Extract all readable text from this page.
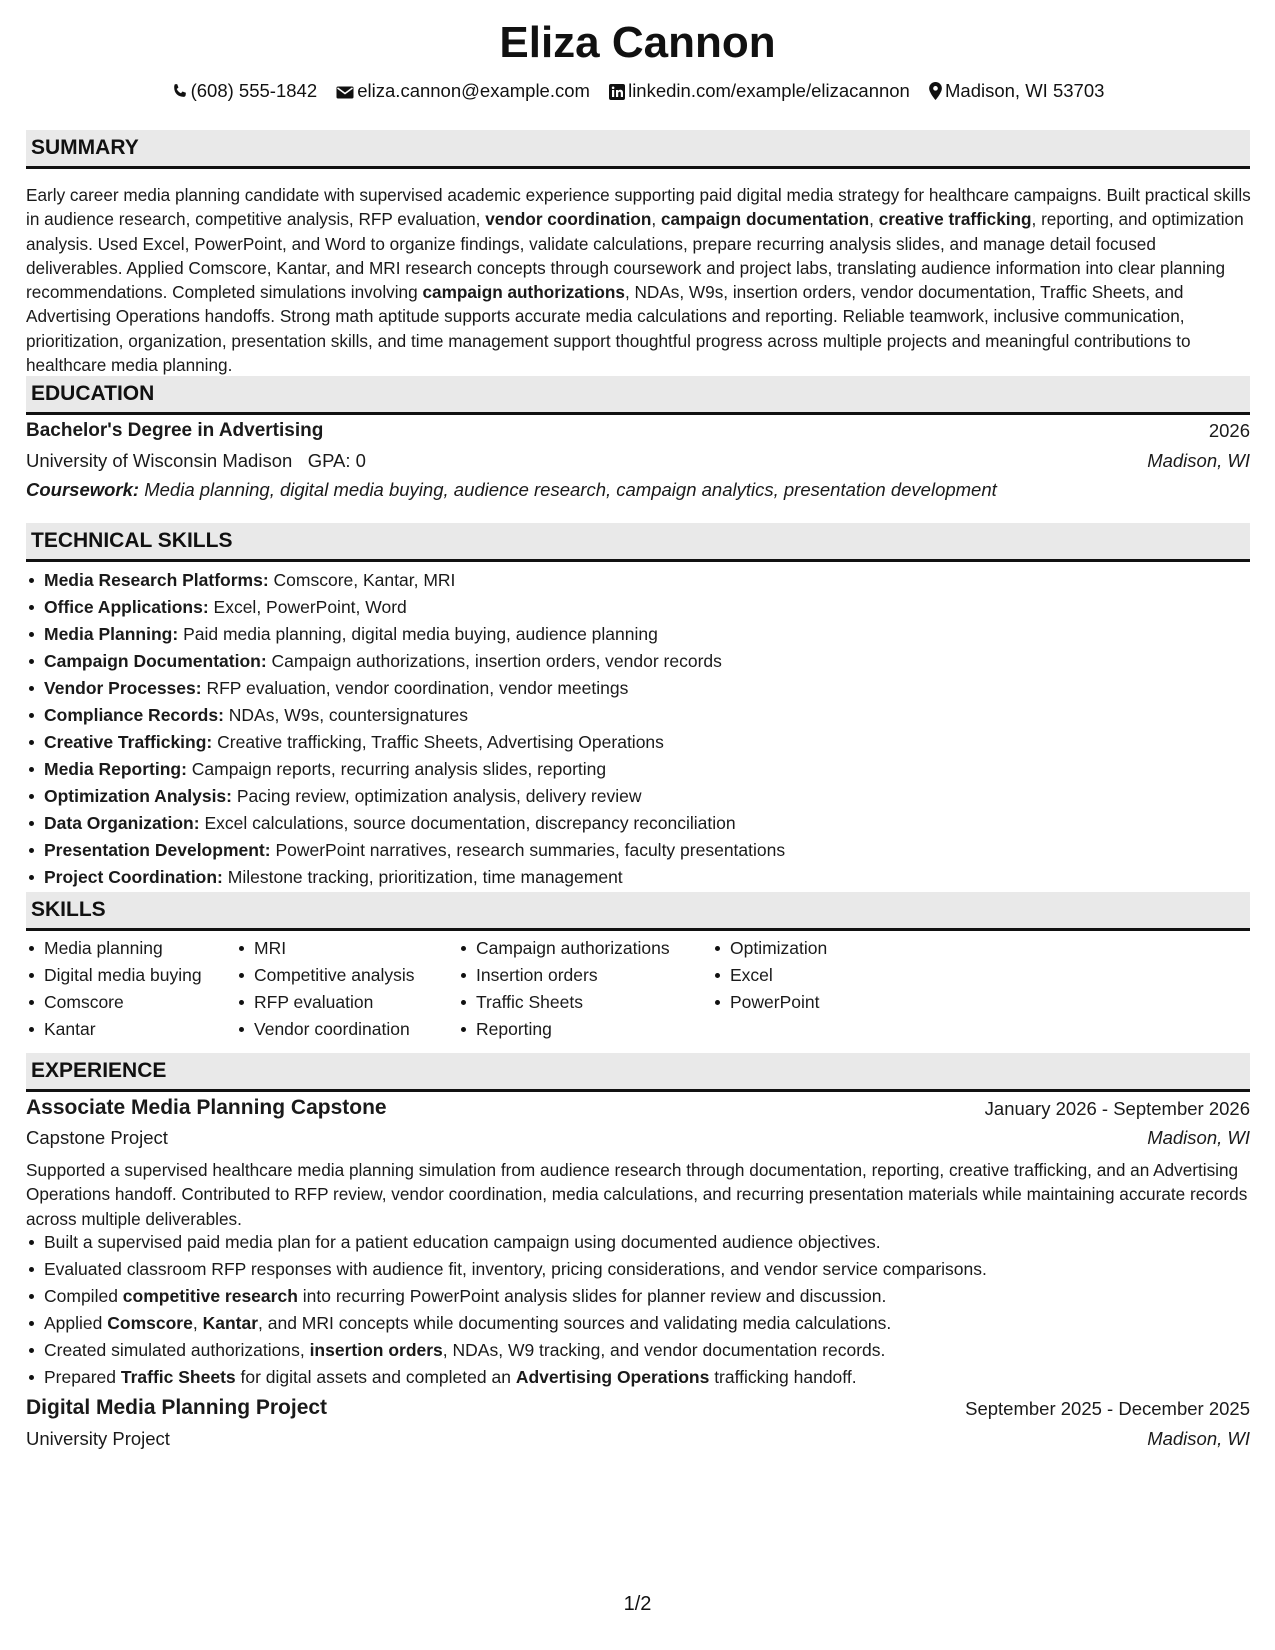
Eliza Cannon
(608) 555-1842 eliza.cannon@example.com linkedin.com/example/elizacannon Madison, WI 53703
SUMMARY
Early career media planning candidate with supervised academic experience supporting paid digital media strategy for healthcare campaigns. Built practical skills in audience research, competitive analysis, RFP evaluation, vendor coordination, campaign documentation, creative trafficking, reporting, and optimization analysis. Used Excel, PowerPoint, and Word to organize findings, validate calculations, prepare recurring analysis slides, and manage detail focused deliverables. Applied Comscore, Kantar, and MRI research concepts through coursework and project labs, translating audience information into clear planning recommendations. Completed simulations involving campaign authorizations, NDAs, W9s, insertion orders, vendor documentation, Traffic Sheets, and Advertising Operations handoffs. Strong math aptitude supports accurate media calculations and reporting. Reliable teamwork, inclusive communication, prioritization, organization, presentation skills, and time management support thoughtful progress across multiple projects and meaningful contributions to healthcare media planning.
EDUCATION
Bachelor's Degree in Advertising	2026
University of Wisconsin Madison GPA: 0	Madison, WI
Coursework: Media planning, digital media buying, audience research, campaign analytics, presentation development
TECHNICAL SKILLS
Media Research Platforms: Comscore, Kantar, MRI
Office Applications: Excel, PowerPoint, Word
Media Planning: Paid media planning, digital media buying, audience planning
Campaign Documentation: Campaign authorizations, insertion orders, vendor records
Vendor Processes: RFP evaluation, vendor coordination, vendor meetings
Compliance Records: NDAs, W9s, countersignatures
Creative Trafficking: Creative trafficking, Traffic Sheets, Advertising Operations
Media Reporting: Campaign reports, recurring analysis slides, reporting
Optimization Analysis: Pacing review, optimization analysis, delivery review
Data Organization: Excel calculations, source documentation, discrepancy reconciliation
Presentation Development: PowerPoint narratives, research summaries, faculty presentations
Project Coordination: Milestone tracking, prioritization, time management
SKILLS
Media planning
Digital media buying
Comscore
Kantar
MRI
Competitive analysis
RFP evaluation
Vendor coordination
Campaign authorizations
Insertion orders
Traffic Sheets
Reporting
Optimization
Excel
PowerPoint
EXPERIENCE
Associate Media Planning Capstone	January 2026 - September 2026
Capstone Project	Madison, WI
Supported a supervised healthcare media planning simulation from audience research through documentation, reporting, creative trafficking, and an Advertising Operations handoff. Contributed to RFP review, vendor coordination, media calculations, and recurring presentation materials while maintaining accurate records across multiple deliverables.
Built a supervised paid media plan for a patient education campaign using documented audience objectives.
Evaluated classroom RFP responses with audience fit, inventory, pricing considerations, and vendor service comparisons.
Compiled competitive research into recurring PowerPoint analysis slides for planner review and discussion.
Applied Comscore, Kantar, and MRI concepts while documenting sources and validating media calculations.
Created simulated authorizations, insertion orders, NDAs, W9 tracking, and vendor documentation records.
Prepared Traffic Sheets for digital assets and completed an Advertising Operations trafficking handoff.
Digital Media Planning Project	September 2025 - December 2025
University Project	Madison, WI
1/2
